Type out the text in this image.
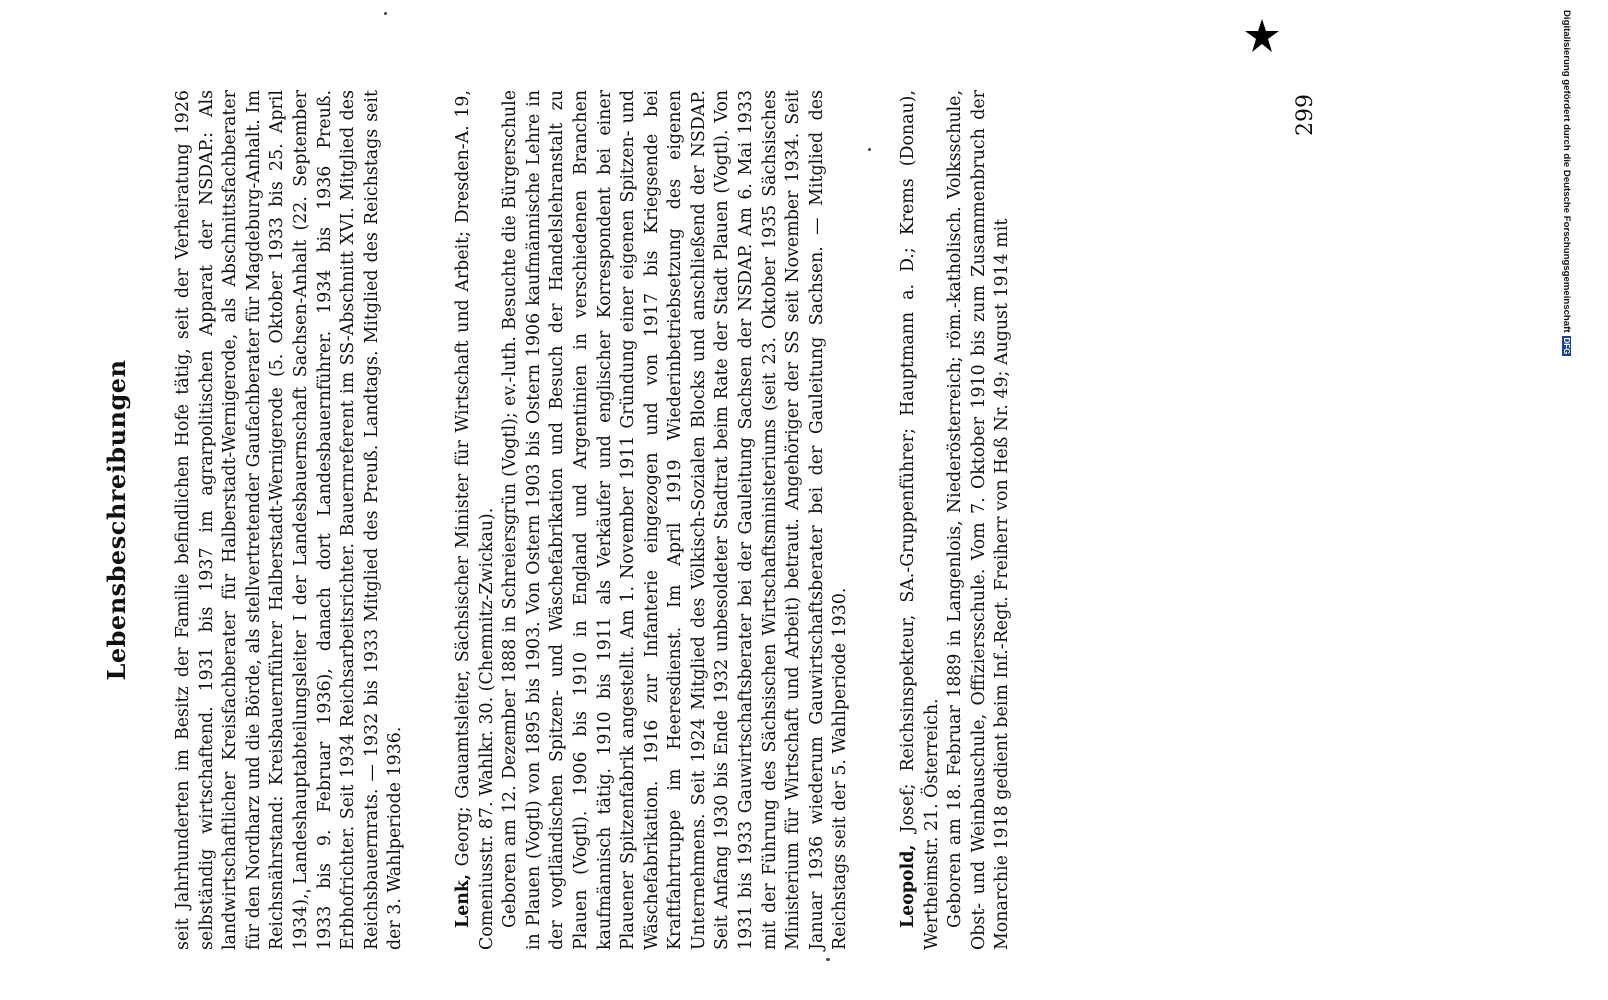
Lebensbeschreibungen seit Jahrhunderten im Besitz der Familie befindlichen Hofe tätig, seit der Verheiratung 1926 selbständig wirtschaftend. 1931 bis 1937 im agrarpolitischen Apparat der NSDAP.: Als landwirtschaftlicher Kreisfachberater für Halberstadt-Wernigerode, als Abschnittsfachberater für den Nordharz und die Börde, als stellvertretender Gaufachberater für Magdeburg-Anhalt. Im Reichsnährstand: Kreisbauernführer Halberstadt-Wernigerode (5. Oktober 1933 bis 25. April 1934), Landeshauptabteilungsleiter I der Landesbauernschaft Sachsen-Anhalt (22. September 1933 bis 9. Februar 1936), danach dort Landesbauernführer. 1934 bis 1936 Preuß. Erbhofrichter. Seit 1934 Reichsarbeitsrichter. Bauernreferent im SS-Abschnitt XVI. Mitglied des Reichsbauernrats. — 1932 bis 1933 Mitglied des Preuß. Landtags. Mitglied des Reichstags seit der 3. Wahlperiode 1936.	Lenk, Georg; Gauamtsleiter, Sächsischer Minister für Wirtschaft und Arbeit; Dresden-A. 19, Comeniusstr. 87. Wahlkr. 30. (Chemnitz-Zwickau). Geboren am 12. Dezember 1888 in Schreiersgrün (Vogtl); ev.-luth. Besuchte die Bürgerschule in Plauen (Vogtl) von 1895 bis 1903. Von Ostern 1903 bis Ostern 1906 kaufmännische Lehre in der vogtländischen Spitzen- und Wäschefabrikation und Besuch der Handelslehranstalt zu Plauen (Vogtl). 1906 bis 1910 in England und Argentinien in verschiedenen Branchen kaufmännisch tätig. 1910 bis 1911 als Verkäufer und englischer Korrespondent bei einer Plauener Spitzenfabrik angestellt. Am 1. November 1911 Gründung einer eigenen Spitzen- und Wäschefabrikation. 1916 zur Infanterie eingezogen und von 1917 bis Kriegsende bei Kraftfahrtruppe im Heeresdienst. Im April 1919 Wiederinbetriebsetzung des eigenen Unternehmens. Seit 1924 Mitglied des Völkisch-Sozialen Blocks und anschließend der NSDAP. Seit Anfang 1930 bis Ende 1932 unbesoldeter Stadtrat beim Rate der Stadt Plauen (Vogtl). Von 1931 bis 1933 Gauwirtschaftsberater bei der Gauleitung Sachsen der NSDAP. Am 6. Mai 1933 mit der Führung des Sächsischen Wirtschaftsministeriums (seit 23. Oktober 1935 Sächsisches Ministerium für Wirtschaft und Arbeit) betraut. Angehöriger der SS seit November 1934. Seit Januar 1936 wiederum Gauwirtschaftsberater bei der Gauleitung Sachsen. — Mitglied des Reichstags seit der 5. Wahlperiode 1930.	Leopold, Josef; Reichsinspekteur, SA.-Gruppenführer; Hauptmann a. D.; Krems (Donau), Wertheimstr. 21. Österreich. Geboren am 18. Februar 1889 in Langenlois, Niederösterreich; röm.-katholisch. Volksschule, Obst- und Weinbauschule, Offiziersschule. Vom 7. Oktober 1910 bis zum Zusammenbruch der Monarchie 1918 gedient beim Inf.-Regt. Freiherr von Heß Nr. 49; August 1914 mit

299	Digitalisierung gefördert durch die Deutsche ForschungsgemeinschaftDFG
